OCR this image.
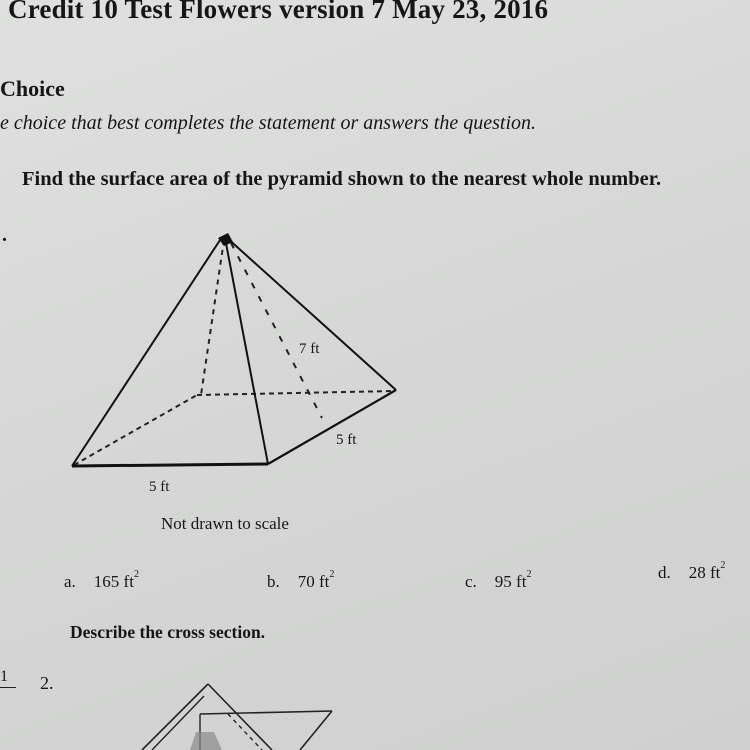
Credit 10 Test Flowers version 7 May 23, 2016
Choice
e choice that best completes the statement or answers the question.
Find the surface area of the pyramid shown to the nearest whole number.
.
7 ft
5 ft
5 ft
Not drawn to scale
a. 165 $ft^2$	b. 70 $ft^2$	c. 95 $ft^2$	d. 28 $ft^2$
Describe the cross section.
1 2.
